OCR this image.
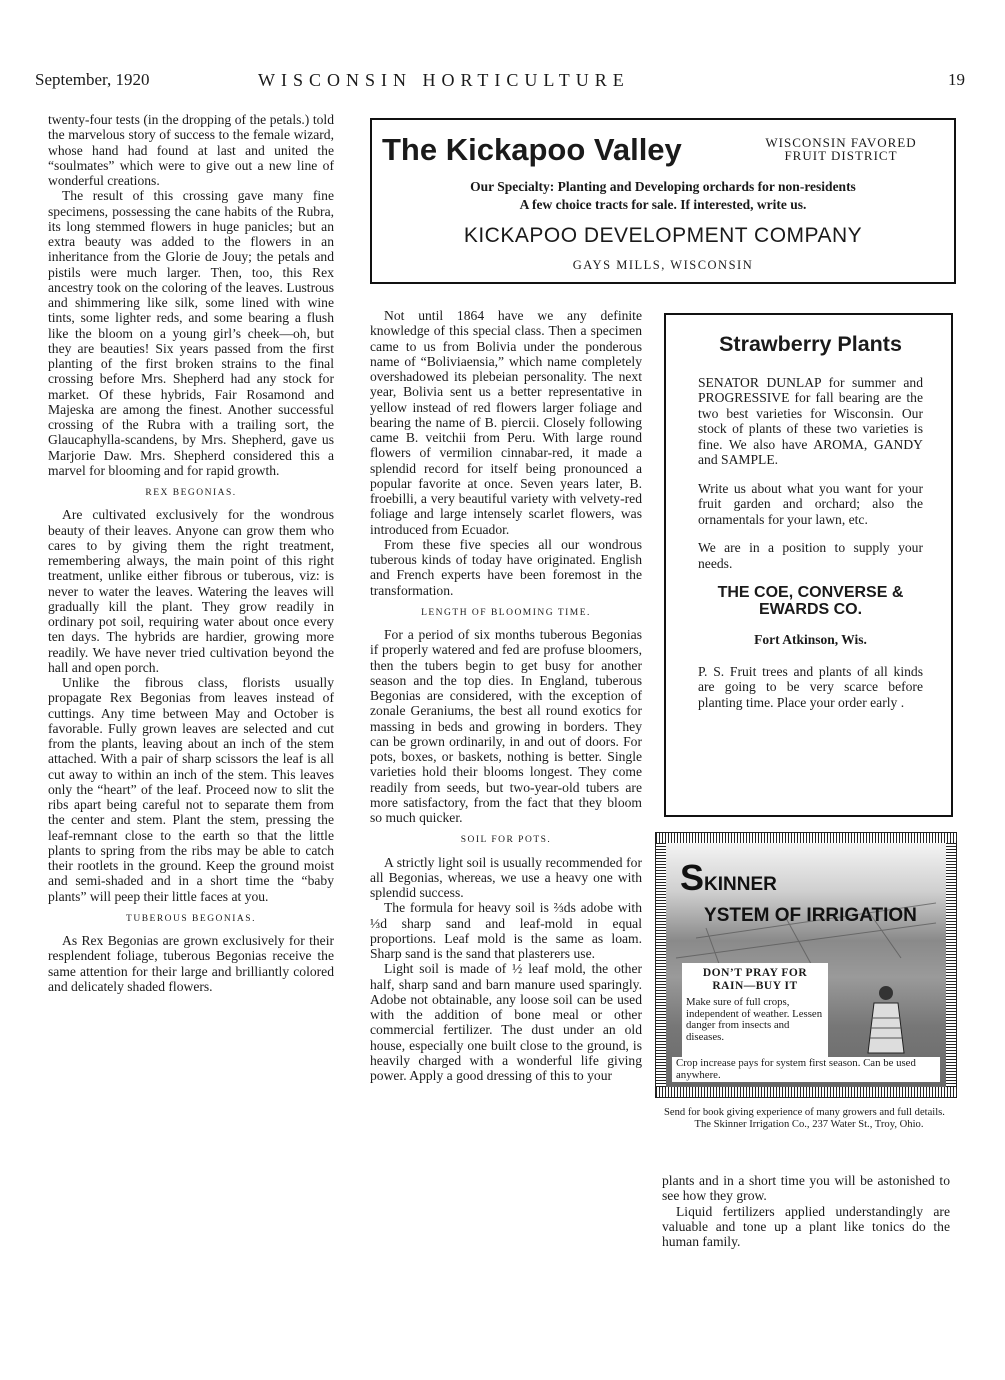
September, 1920	WISCONSIN HORTICULTURE	19

twenty-four tests (in the dropping of the petals.) told the marvelous story of success to the female wizard, whose hand had found at last and united the “soulmates” which were to give out a new line of wonderful creations.

The result of this crossing gave many fine specimens, possessing the cane habits of the Rubra, its long stemmed flowers in huge panicles; but an extra beauty was added to the flowers in an inheritance from the Glorie de Jouy; the petals and pistils were much larger. Then, too, this Rex ancestry took on the coloring of the leaves. Lustrous and shimmering like silk, some lined with wine tints, some lighter reds, and some bearing a flush like the bloom on a young girl’s cheek—oh, but they are beauties! Six years passed from the first planting of the first broken strains to the final crossing before Mrs. Shepherd had any stock for market. Of these hybrids, Fair Rosamond and Majeska are among the finest. Another successful crossing of the Rubra with a trailing sort, the Glaucaphylla-scandens, by Mrs. Shepherd, gave us Marjorie Daw. Mrs. Shepherd considered this a marvel for blooming and for rapid growth.

REX BEGONIAS.

Are cultivated exclusively for the wondrous beauty of their leaves. Anyone can grow them who cares to by giving them the right treatment, remembering always, the main point of this right treatment, unlike either fibrous or tuberous, viz: is never to water the leaves. Watering the leaves will gradually kill the plant. They grow readily in ordinary pot soil, requiring water about once every ten days. The hybrids are hardier, growing more readily. We have never tried cultivation beyond the hall and open porch.

Unlike the fibrous class, florists usually propagate Rex Begonias from leaves instead of cuttings. Any time between May and October is favorable. Fully grown leaves are selected and cut from the plants, leaving about an inch of the stem attached. With a pair of sharp scissors the leaf is all cut away to within an inch of the stem. This leaves only the “heart” of the leaf. Proceed now to slit the ribs apart being careful not to separate them from the center and stem. Plant the stem, pressing the leaf-remnant close to the earth so that the little plants to spring from the ribs may be able to catch their rootlets in the ground. Keep the ground moist and semi-shaded and in a short time the “baby plants” will peep their little faces at you.

TUBEROUS BEGONIAS.

As Rex Begonias are grown exclusively for their resplendent foliage, tuberous Begonias receive the same attention for their large and brilliantly colored and delicately shaded flowers.

The Kickapoo Valley	WISCONSIN FAVORED
FRUIT DISTRICT
Our Specialty: Planting and Developing orchards for non-residents
A few choice tracts for sale. If interested, write us.
KICKAPOO DEVELOPMENT COMPANY
GAYS MILLS, WISCONSIN

Not until 1864 have we any definite knowledge of this special class. Then a specimen came to us from Bolivia under the ponderous name of “Boliviaensia,” which name completely overshadowed its plebeian personality. The next year, Bolivia sent us a better representative in yellow instead of red flowers larger foliage and bearing the name of B. piercii. Closely following came B. veitchii from Peru. With large round flowers of vermilion cinnabar-red, it made a splendid record for itself being pronounced a popular favorite at once. Seven years later, B. froebilli, a very beautiful variety with velvety-red foliage and large intensely scarlet flowers, was introduced from Ecuador.

From these five species all our wondrous tuberous kinds of today have originated. English and French experts have been foremost in the transformation.

LENGTH OF BLOOMING TIME.

For a period of six months tuberous Begonias if properly watered and fed are profuse bloomers, then the tubers begin to get busy for another season and the top dies. In England, tuberous Begonias are considered, with the exception of zonale Geraniums, the best all round exotics for massing in beds and growing in borders. They can be grown ordinarily, in and out of doors. For pots, boxes, or baskets, nothing is better. Single varieties hold their blooms longest. They come readily from seeds, but two-year-old tubers are more satisfactory, from the fact that they bloom so much quicker.

SOIL FOR POTS.

A strictly light soil is usually recommended for all Begonias, whereas, we use a heavy one with splendid success.

The formula for heavy soil is ⅔ds adobe with ⅓d sharp sand and leaf-mold in equal proportions. Leaf mold is the same as loam. Sharp sand is the sand that plasterers use.

Light soil is made of ½ leaf mold, the other half, sharp sand and barn manure used sparingly. Adobe not obtainable, any loose soil can be used with the addition of bone meal or other commercial fertilizer. The dust under an old house, especially one built close to the ground, is heavily charged with a wonderful life giving power. Apply a good dressing of this to your

Strawberry Plants

SENATOR DUNLAP for summer and PROGRESSIVE for fall bearing are the two best varieties for Wisconsin. Our stock of plants of these two varieties is fine. We also have AROMA, GANDY and SAMPLE.

Write us about what you want for your fruit garden and orchard; also the ornamentals for your lawn, etc.

We are in a position to supply your needs.

THE COE, CONVERSE & EWARDS CO.
Fort Atkinson, Wis.

P. S. Fruit trees and plants of all kinds are going to be very scarce before planting time. Place your order early .

SKINNER
YSTEM OF IRRIGATION
DON’T PRAY FOR
RAIN—BUY IT
Make sure of full crops, independent of weather. Lessen danger from insects and diseases.
Crop increase pays for system first season. Can be used anywhere.
Send for book giving experience of many growers and full details.
The Skinner Irrigation Co., 237 Water St., Troy, Ohio.

plants and in a short time you will be astonished to see how they grow.

Liquid fertilizers applied understandingly are valuable and tone up a plant like tonics do the human family.
